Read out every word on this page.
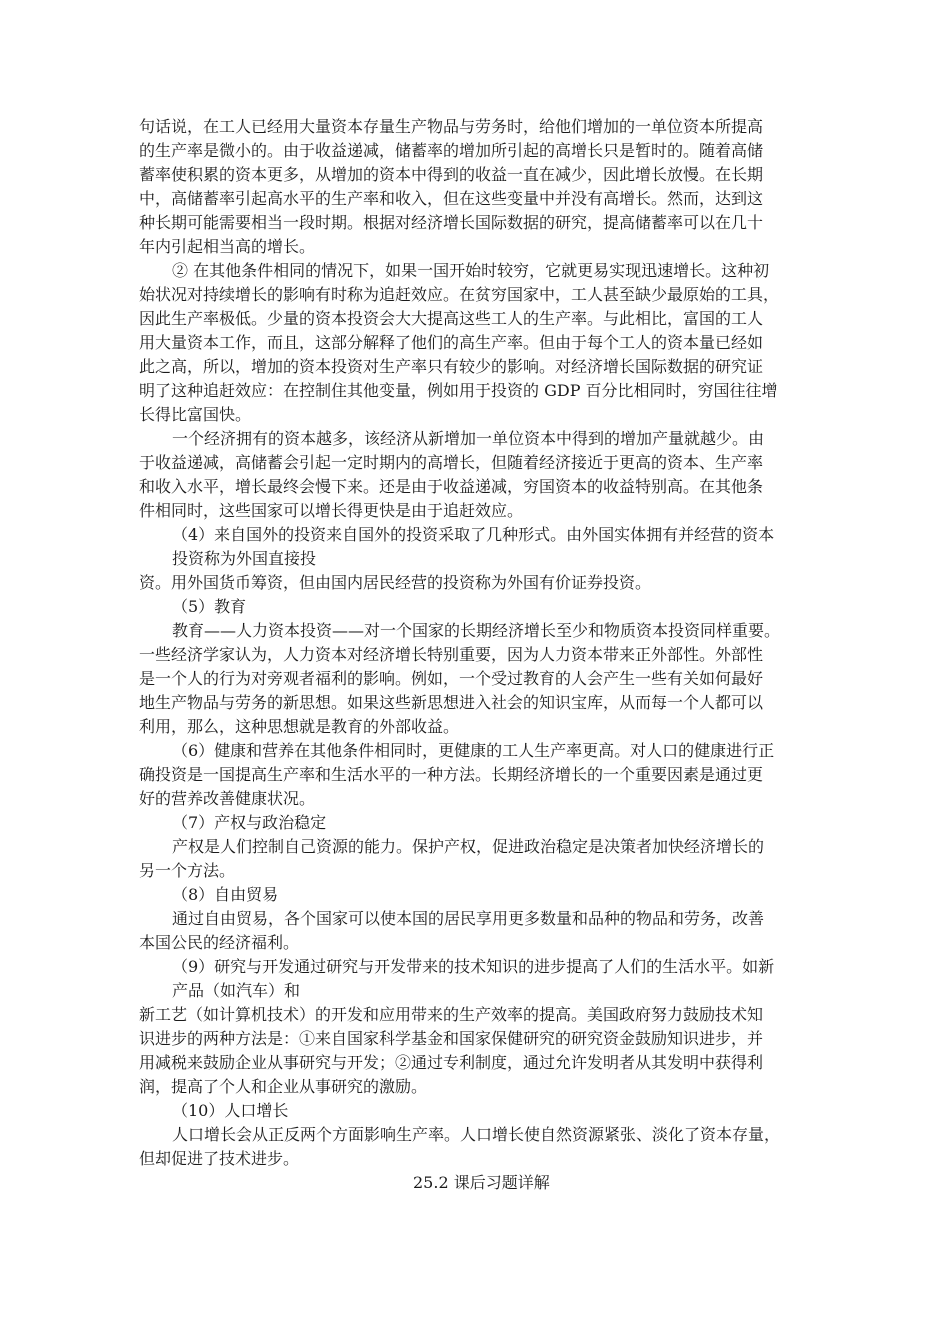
句话说，在工人已经用大量资本存量生产物品与劳务时，给他们增加的一单位资本所提高
的生产率是微小的。由于收益递减，储蓄率的增加所引起的高增长只是暂时的。随着高储
蓄率使积累的资本更多，从增加的资本中得到的收益一直在减少，因此增长放慢。在长期
中，高储蓄率引起高水平的生产率和收入，但在这些变量中并没有高增长。然而，达到这
种长期可能需要相当一段时期。根据对经济增长国际数据的研究，提高储蓄率可以在几十
年内引起相当高的增长。
② 在其他条件相同的情况下，如果一国开始时较穷，它就更易实现迅速增长。这种初
始状况对持续增长的影响有时称为追赶效应。在贫穷国家中，工人甚至缺少最原始的工具，
因此生产率极低。少量的资本投资会大大提高这些工人的生产率。与此相比，富国的工人
用大量资本工作，而且，这部分解释了他们的高生产率。但由于每个工人的资本量已经如
此之高，所以，增加的资本投资对生产率只有较少的影响。对经济增长国际数据的研究证
明了这种追赶效应：在控制住其他变量，例如用于投资的 GDP 百分比相同时，穷国往往增
长得比富国快。
一个经济拥有的资本越多，该经济从新增加一单位资本中得到的增加产量就越少。由
于收益递减，高储蓄会引起一定时期内的高增长，但随着经济接近于更高的资本、生产率
和收入水平，增长最终会慢下来。还是由于收益递减，穷国资本的收益特别高。在其他条
件相同时，这些国家可以增长得更快是由于追赶效应。
（4）来自国外的投资来自国外的投资采取了几种形式。由外国实体拥有并经营的资本
投资称为外国直接投
资。用外国货币筹资，但由国内居民经营的投资称为外国有价证券投资。
（5）教育
教育——人力资本投资——对一个国家的长期经济增长至少和物质资本投资同样重要。
一些经济学家认为，人力资本对经济增长特别重要，因为人力资本带来正外部性。外部性
是一个人的行为对旁观者福利的影响。例如，一个受过教育的人会产生一些有关如何最好
地生产物品与劳务的新思想。如果这些新思想进入社会的知识宝库，从而每一个人都可以
利用，那么，这种思想就是教育的外部收益。
（6）健康和营养在其他条件相同时，更健康的工人生产率更高。对人口的健康进行正
确投资是一国提高生产率和生活水平的一种方法。长期经济增长的一个重要因素是通过更
好的营养改善健康状况。
（7）产权与政治稳定
产权是人们控制自己资源的能力。保护产权，促进政治稳定是决策者加快经济增长的
另一个方法。
（8）自由贸易
通过自由贸易，各个国家可以使本国的居民享用更多数量和品种的物品和劳务，改善
本国公民的经济福利。
（9）研究与开发通过研究与开发带来的技术知识的进步提高了人们的生活水平。如新
产品（如汽车）和
新工艺（如计算机技术）的开发和应用带来的生产效率的提高。美国政府努力鼓励技术知
识进步的两种方法是：①来自国家科学基金和国家保健研究的研究资金鼓励知识进步，并
用减税来鼓励企业从事研究与开发；②通过专利制度，通过允许发明者从其发明中获得利
润，提高了个人和企业从事研究的激励。
（10）人口增长
人口增长会从正反两个方面影响生产率。人口增长使自然资源紧张、淡化了资本存量，
但却促进了技术进步。
25.2 课后习题详解
